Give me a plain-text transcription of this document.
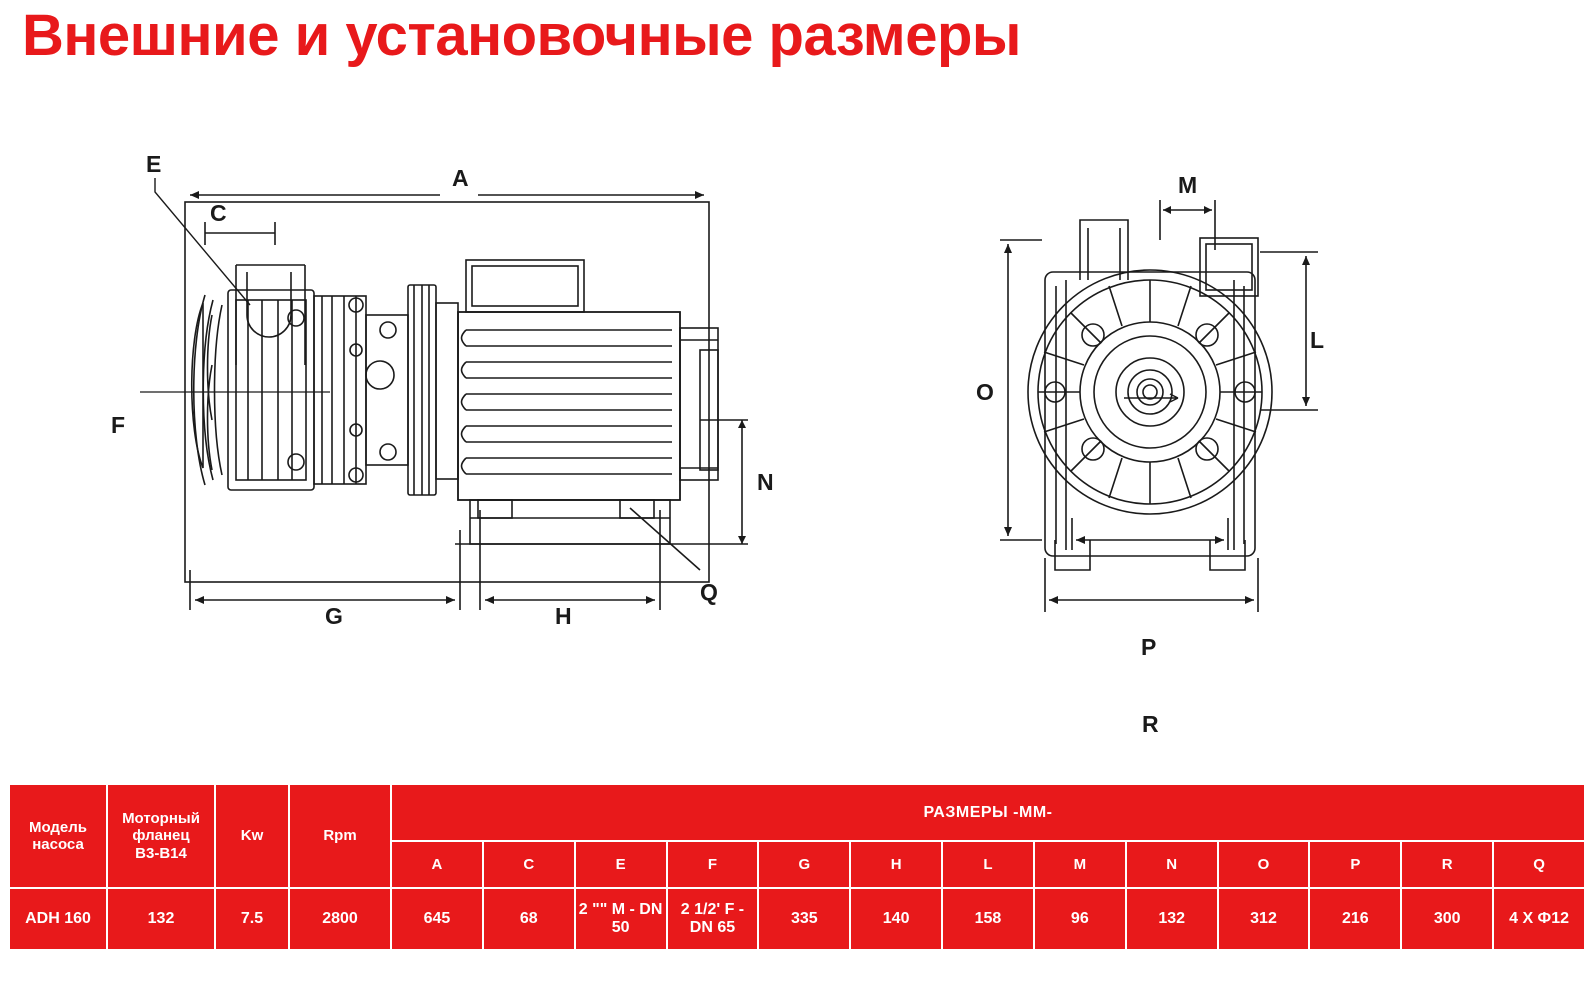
Внешние и установочные размеры
E
A
C
F
G	H
Q
N
M
L
O
P
R
Модель
насоса	Моторный
фланец
В3-В14	Kw	Rpm	РАЗМЕРЫ -ММ-												
				A	C	E	F	G	H	L	M	N	O	P	R	Q
ADH 160	132	7.5	2800	645	68	2 "" M - DN 50	2 1/2' F - DN 65	335	140	158	96	132	312	216	300	4 Х Ф12
